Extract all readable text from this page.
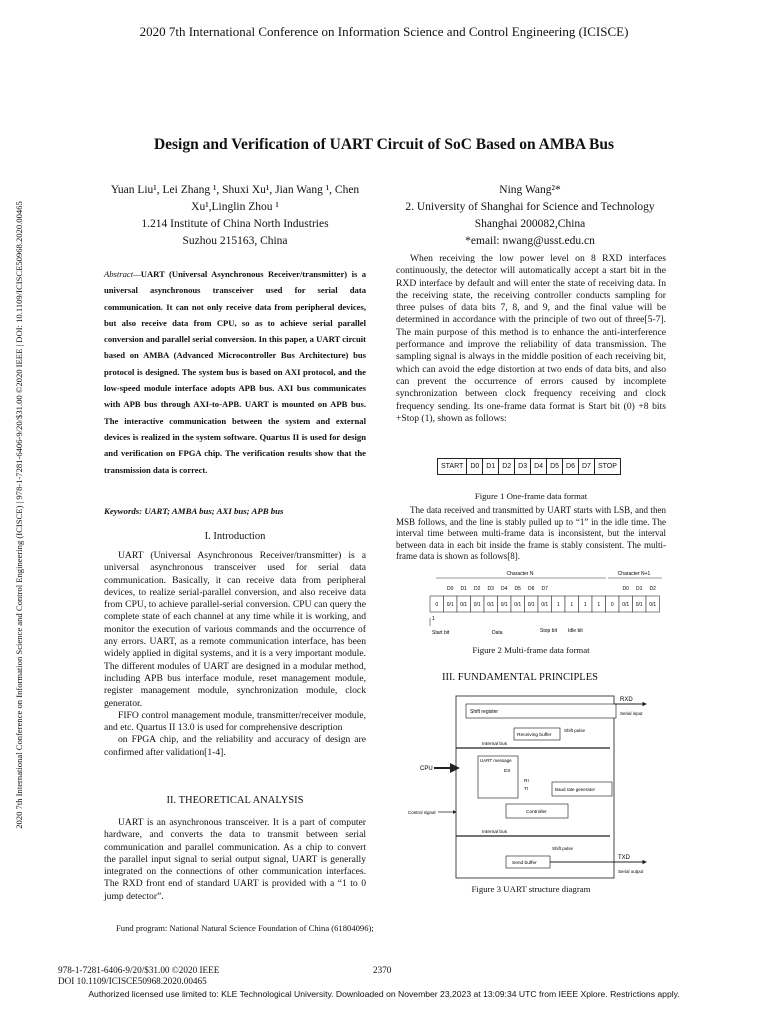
2020 7th International Conference on Information Science and Control Engineering (ICISCE)
2020 7th International Conference on Information Science and Control Engineering (ICISCE) | 978-1-7281-6406-9/20/$31.00 ©2020 IEEE | DOI: 10.1109/ICISCE50968.2020.00465
Design and Verification of UART Circuit of SoC Based on AMBA Bus
Yuan Liu¹, Lei Zhang ¹, Shuxi Xu¹, Jian Wang ¹, Chen Xu¹,Linglin Zhou ¹
1.214 Institute of China North Industries
Suzhou 215163, China
Ning Wang²*
2. University of Shanghai for Science and Technology
Shanghai 200082,China
*email: nwang@usst.edu.cn
Abstract—UART (Universal Asynchronous Receiver/transmitter) is a universal asynchronous transceiver used for serial data communication. It can not only receive data from peripheral devices, but also receive data from CPU, so as to achieve serial parallel conversion and parallel serial conversion. In this paper, a UART circuit based on AMBA (Advanced Microcontroller Bus Architecture) bus protocol is designed. The system bus is based on AXI protocol, and the low-speed module interface adopts APB bus. AXI bus communicates with APB bus through AXI-to-APB. UART is mounted on APB bus. The interactive communication between the system and external devices is realized in the system software. Quartus II is used for design and verification on FPGA chip. The verification results show that the transmission data is correct.
Keywords: UART; AMBA bus; AXI bus; APB bus
I. Introduction
UART (Universal Asynchronous Receiver/transmitter) is a universal asynchronous transceiver used for serial data communication. Basically, it can receive data from peripheral devices, to realize serial-parallel conversion, and also receive data from CPU, to achieve parallel-serial conversion. CPU can query the complete state of each channel at any time while it is working, and monitor the execution of various commands and the occurrence of any errors. UART, as a remote communication interface, has been widely applied in digital systems, and it is a very important module. The different modules of UART are designed in a modular method, including APB bus interface module, reset management module, register management module, synchronization module, clock generator.
FIFO control management module, transmitter/receiver module, and etc. Quartus II 13.0 is used for comprehensive description
on FPGA chip, and the reliability and accuracy of design are confirmed after validation[1-4].
II. THEORETICAL ANALYSIS
UART is an asynchronous transceiver. It is a part of computer hardware, and converts the data to transmit between serial communication and parallel communication. As a chip to convert the parallel input signal to serial output signal, UART is generally integrated on the connections of other communication interfaces. The RXD front end of standard UART is provided with a “1 to 0 jump detector”.
Fund program: National Natural Science Foundation of China (61804096);
When receiving the low power level on 8 RXD interfaces continuously, the detector will automatically accept a start bit in the RXD interface by default and will enter the state of receiving data. In the receiving state, the receiving controller conducts sampling for three pulses of data bits 7, 8, and 9, and the final value will be determined in accordance with the principle of two out of three[5-7]. The main purpose of this method is to enhance the anti-interference performance and improve the reliability of data transmission. The sampling signal is always in the middle position of each receiving bit, which can avoid the edge distortion at two ends of data bits, and also can prevent the occurrence of errors caused by incomplete synchronization between clock frequency receiving and clock frequency sending. Its one-frame data format is Start bit (0) +8 bits +Stop (1), shown as follows:
START	D0	D1	D2	D3	D4	D5	D6	D7	STOP
Figure 1 One-frame data format
The data received and transmitted by UART starts with LSB, and then MSB follows, and the line is stably pulled up to “1” in the idle time. The interval time between multi-frame data is inconsistent, but the interval between data in each bit inside the frame is stably consistent. The multi-frame data is shown as follows[8].
Character N	Character N+1
D0 D1 D2 D3 D4 D5 D6 D7	D0 D1 D2
0 0/1 0/1 0/1 0/1 0/1 0/1 0/1 0/1 1 1 1 1 0 0/1 0/1 0/1
1
Start bit	Data	Stop bit Idle bit
Figure 2 Multi-frame data format
III. FUNDAMENTAL PRINCIPLES
Shift register
RXD
Serial input
Receiving buffer
Shift pulse
Internal bus
CPU
UART message
ES
RI
TI	Baud rate generator
Control signal	Controller
Internal bus
Shift pulse
Send buffer
TXD
Serial output
Figure 3 UART structure diagram
978-1-7281-6406-9/20/$31.00 ©2020 IEEE
DOI 10.1109/ICISCE50968.2020.00465
2370
Authorized licensed use limited to: KLE Technological University. Downloaded on November 23,2023 at 13:09:34 UTC from IEEE Xplore. Restrictions apply.
